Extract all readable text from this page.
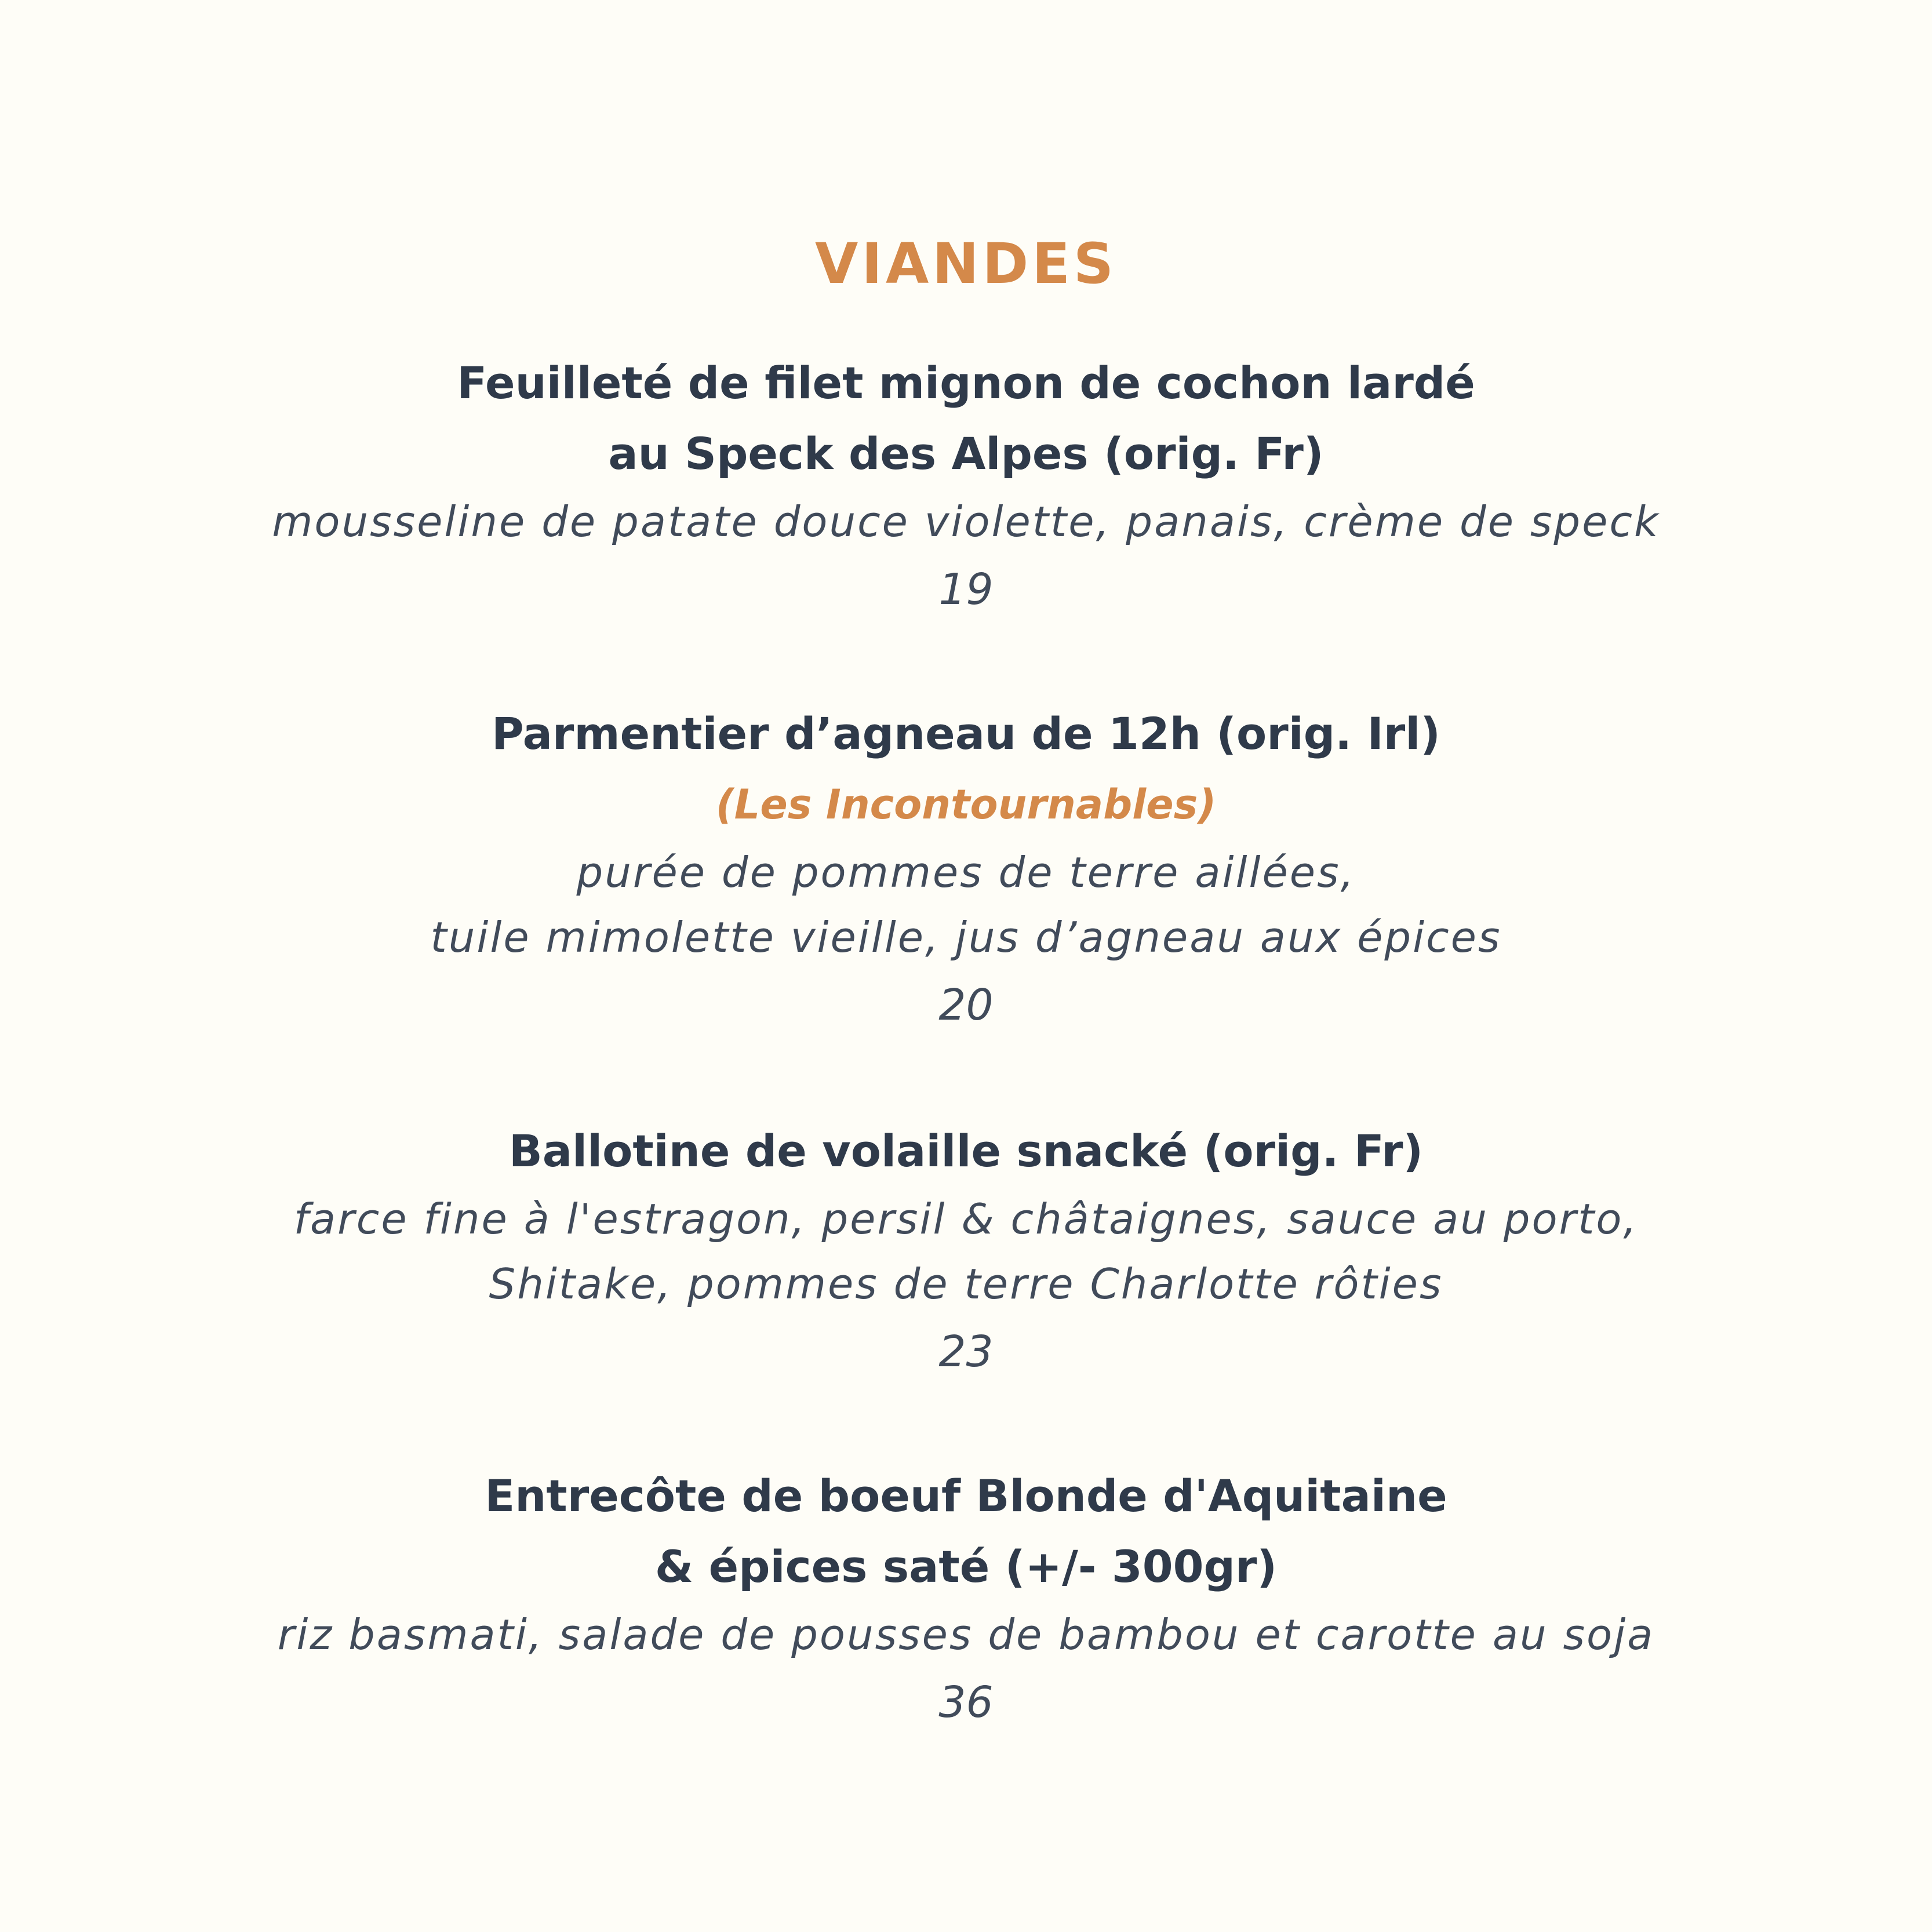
VIANDES
Feuilleté de filet mignon de cochon lardé
au Speck des Alpes (orig. Fr)
mousseline de patate douce violette, panais, crème de speck
19
Parmentier d’agneau de 12h (orig. Irl)
(Les Incontournables)
purée de pommes de terre aillées,
tuile mimolette vieille, jus d’agneau aux épices
20
Ballotine de volaille snacké (orig. Fr)
farce fine à l'estragon, persil & châtaignes, sauce au porto,
Shitake, pommes de terre Charlotte rôties
23
Entrecôte de boeuf Blonde d'Aquitaine
& épices saté (+/- 300gr)
riz basmati, salade de pousses de bambou et carotte au soja
36
